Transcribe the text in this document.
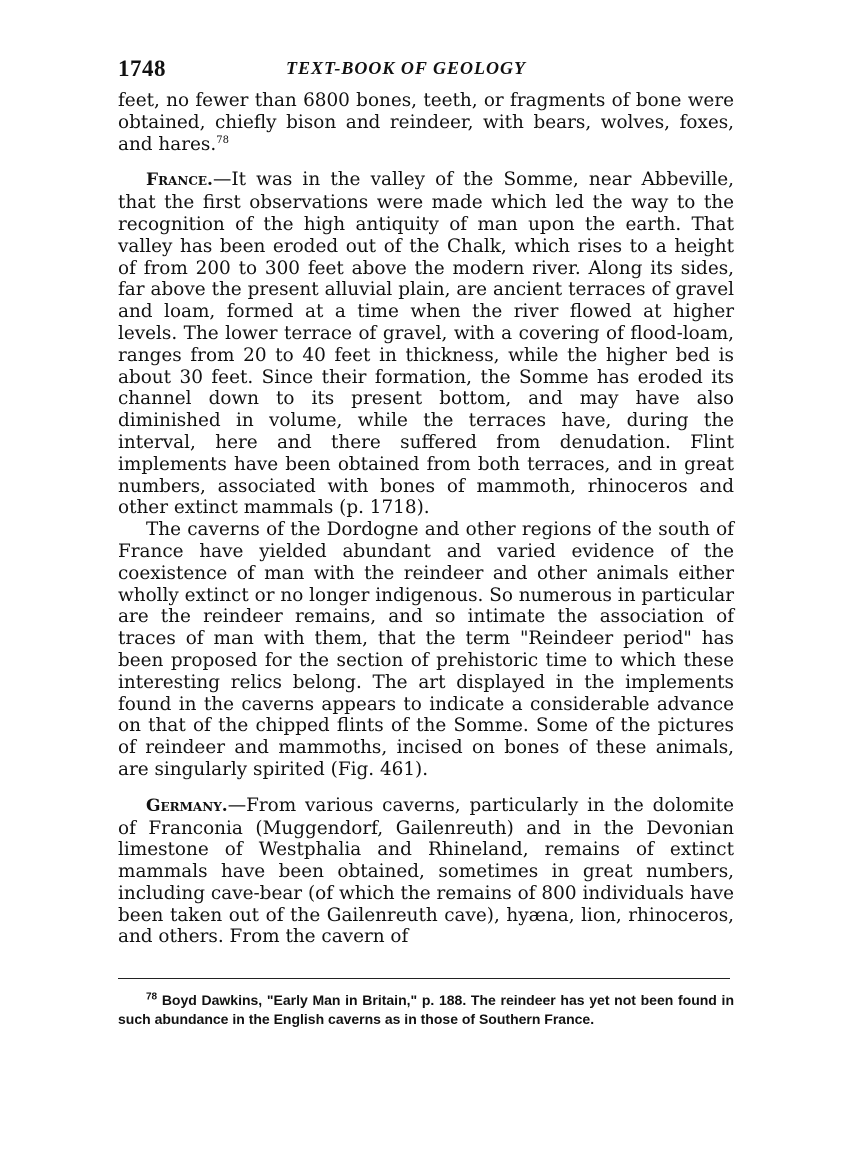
1748	TEXT-BOOK OF GEOLOGY

feet, no fewer than 6800 bones, teeth, or fragments of bone were obtained, chiefly bison and reindeer, with bears, wolves, foxes, and hares.$^{78}$

France.—It was in the valley of the Somme, near Abbeville, that the first observations were made which led the way to the recognition of the high antiquity of man upon the earth. That valley has been eroded out of the Chalk, which rises to a height of from 200 to 300 feet above the modern river. Along its sides, far above the present alluvial plain, are ancient terraces of gravel and loam, formed at a time when the river flowed at higher levels. The lower terrace of gravel, with a covering of flood-loam, ranges from 20 to 40 feet in thickness, while the higher bed is about 30 feet. Since their formation, the Somme has eroded its channel down to its present bottom, and may have also diminished in volume, while the terraces have, during the interval, here and there suffered from denudation. Flint implements have been obtained from both terraces, and in great numbers, associated with bones of mammoth, rhinoceros and other extinct mammals (p. 1718).

The caverns of the Dordogne and other regions of the south of France have yielded abundant and varied evidence of the coexistence of man with the reindeer and other animals either wholly extinct or no longer indigenous. So numerous in particular are the reindeer remains, and so intimate the association of traces of man with them, that the term "Reindeer period" has been proposed for the section of prehistoric time to which these interesting relics belong. The art displayed in the implements found in the caverns appears to indicate a considerable advance on that of the chipped flints of the Somme. Some of the pictures of reindeer and mammoths, incised on bones of these animals, are singularly spirited (Fig. 461).

Germany.—From various caverns, particularly in the dolomite of Franconia (Muggendorf, Gailenreuth) and in the Devonian limestone of Westphalia and Rhineland, remains of extinct mammals have been obtained, sometimes in great numbers, including cave-bear (of which the remains of 800 individuals have been taken out of the Gailenreuth cave), hyæna, lion, rhinoceros, and others. From the cavern of

$^{78}$ Boyd Dawkins, "Early Man in Britain," p. 188. The reindeer has yet not been found in such abundance in the English caverns as in those of Southern France.
